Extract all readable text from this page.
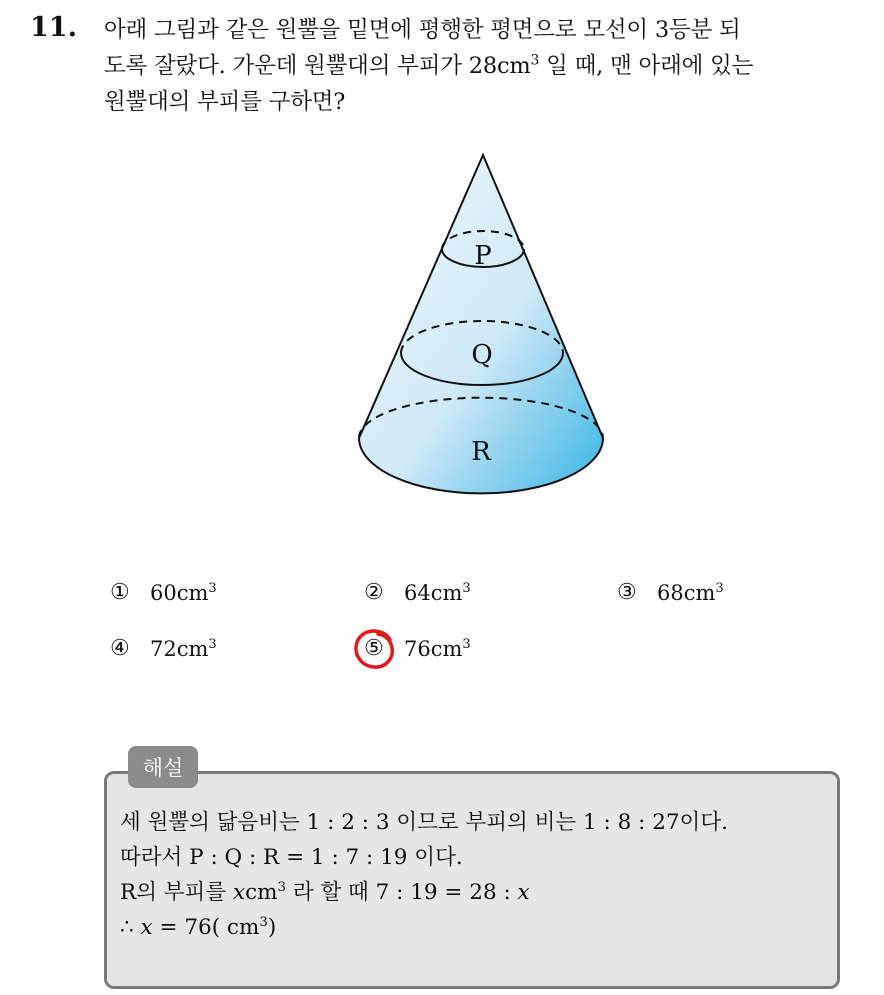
11. 아래 그림과 같은 원뿔을 밑면에 평행한 평면으로 모선이 3등분 되
도록 잘랐다. 가운데 원뿔대의 부피가 $28cm^3$ 일 때, 맨 아래에 있는
원뿔대의 부피를 구하면?
P
Q
R
① $60cm^3$	② $64cm^3$	③ $68cm^3$
④ $72cm^3$	⑤ $76cm^3$
해설
세 원뿔의 닮음비는 1 : 2 : 3 이므로 부피의 비는 1 : 8 : 27이다.
따라서 P : Q : R = 1 : 7 : 19 이다.
R의 부피를 xcm$^3$ 라 할 때 7 : 19 = 28 : x
∴ x = 76( $cm^3$)
